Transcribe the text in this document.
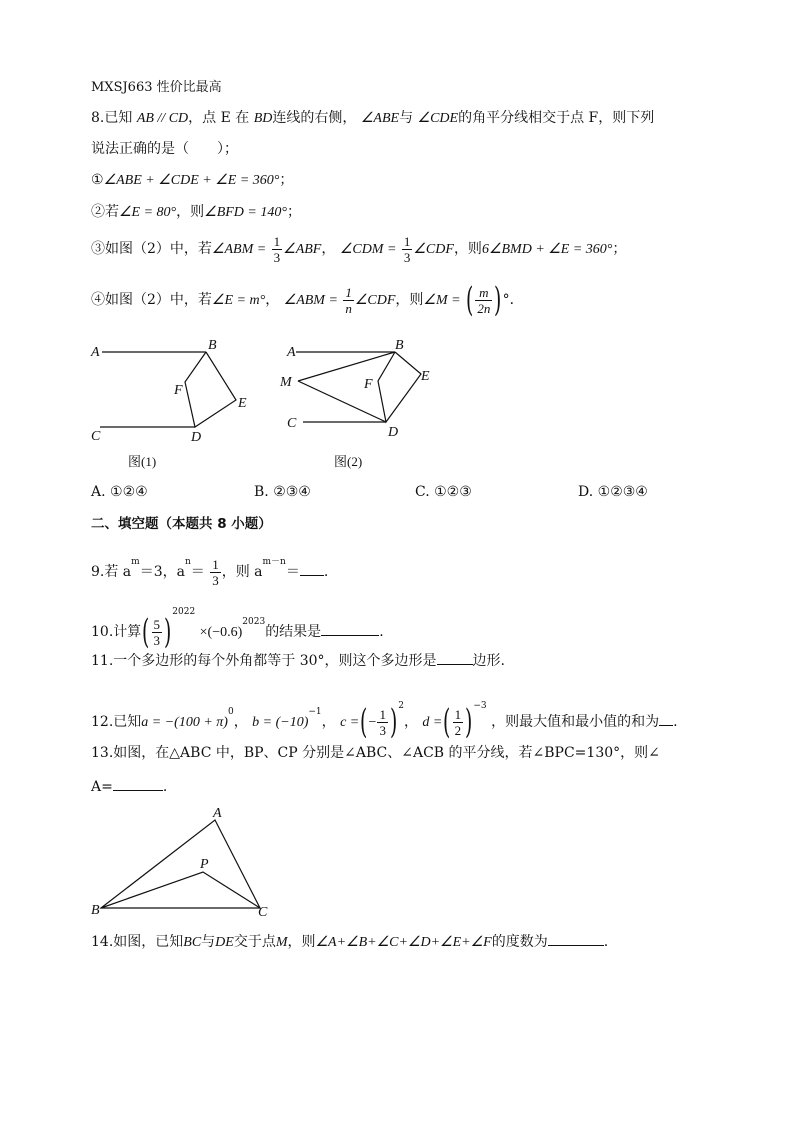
MXSJ663 性价比最高
8.已知 AB // CD，点 E 在 BD连线的右侧， ∠ABE与 ∠CDE的角平分线相交于点 F，则下列
说法正确的是（　　）；
①∠ABE + ∠CDE + ∠E = 360°；
②若∠E = 80°，则∠BFD = 140°；
③如图（2）中，若∠ABM = $\frac{1}{3}$ ∠ABF， ∠CDM = $\frac{1}{3}$ ∠CDF，则6∠BMD + ∠E = 360°；
④如图（2）中，若∠E = m°， ∠ABM = $\frac{1}{n}$ ∠CDF，则∠M = ( $\frac{m}{2n}$ )°．
A	B
F
E
C	D
图(1)
A	B
M	F
E
C
D
图(2)
A. ①②④	B. ②③④	C. ①②③	D. ①②③④
二、填空题（本题共 8 小题）
9.若 $a^m=3$，$a^n= \frac{1}{3}$ ，则 $a^{m-n}=$ .
10.计算( $\frac{5}{3} )^{2022} \times(-0.6)^{2023}$的结果是	.
11.一个多边形的每个外角都等于 30°，则这个多边形是	边形.
12.已知$a = -(100 + \pi)^0$， $b = (-10)^{-1}$， c =(− $\frac{1}{3} )^2$， d =( $\frac{1}{2} )^{-3}$ ，则最大值和最小值的和为 .
13.如图，在△ABC 中，BP、CP 分别是∠ABC、∠ACB 的平分线，若∠BPC=130°，则∠
A=	.
A
P
B	C
14.如图，已知BC与DE交于点M，则∠A+∠B+∠C+∠D+∠E+∠F的度数为	.
